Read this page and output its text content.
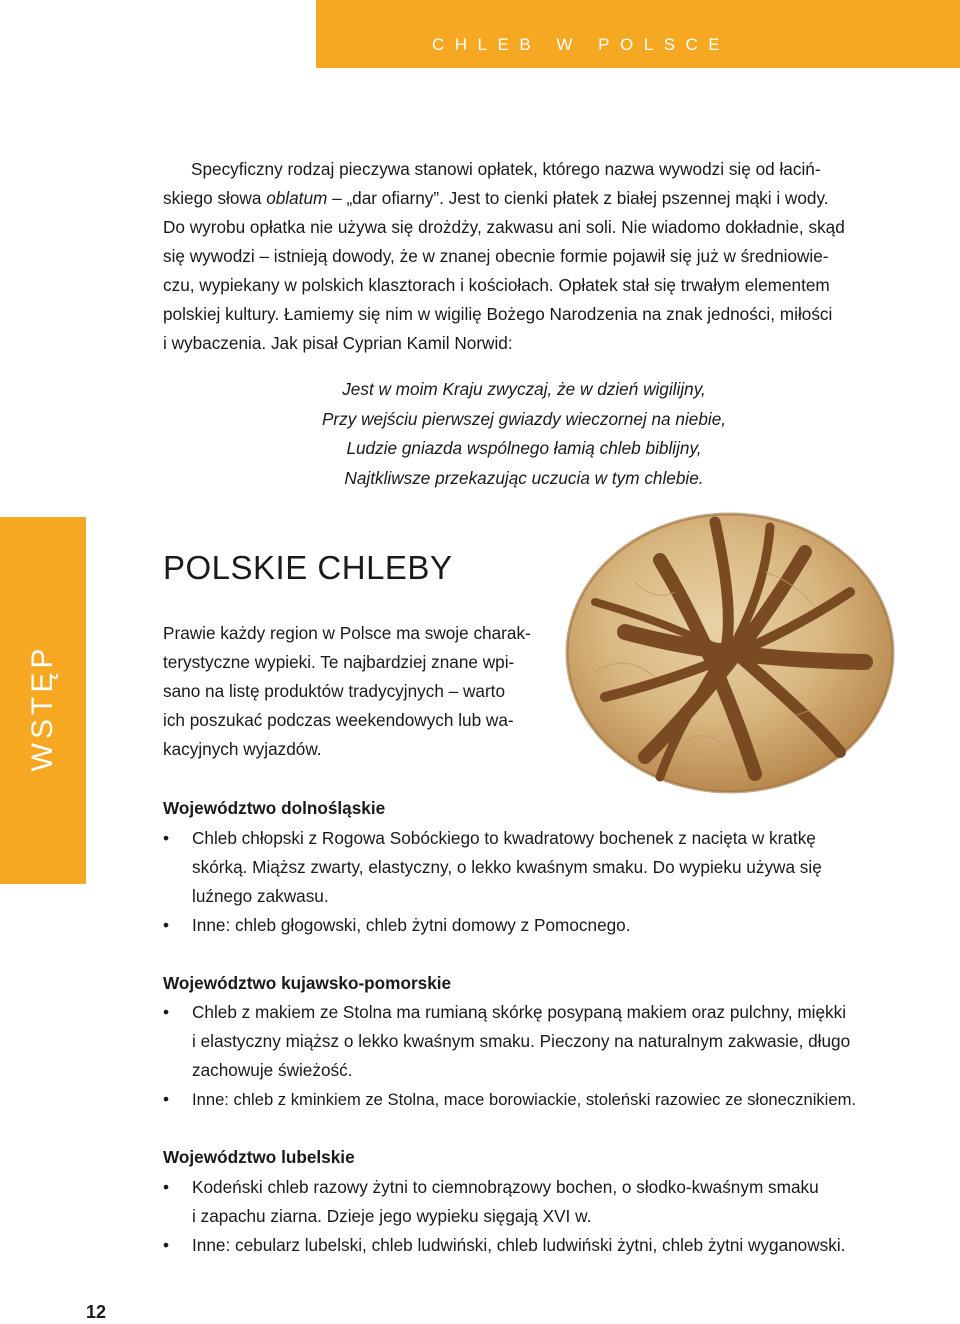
CHLEB W POLSCE
WSTĘP
Specyficzny rodzaj pieczywa stanowi opłatek, którego nazwa wywodzi się od łaciń-
skiego słowa oblatum – „dar ofiarny”. Jest to cienki płatek z białej pszennej mąki i wody.
Do wyrobu opłatka nie używa się drożdży, zakwasu ani soli. Nie wiadomo dokładnie, skąd
się wywodzi – istnieją dowody, że w znanej obecnie formie pojawił się już w średniowie-
czu, wypiekany w polskich klasztorach i kościołach. Opłatek stał się trwałym elementem
polskiej kultury. Łamiemy się nim w wigilię Bożego Narodzenia na znak jedności, miłości
i wybaczenia. Jak pisał Cyprian Kamil Norwid:
Jest w moim Kraju zwyczaj, że w dzień wigilijny,
Przy wejściu pierwszej gwiazdy wieczornej na niebie,
Ludzie gniazda wspólnego łamią chleb biblijny,
Najtkliwsze przekazując uczucia w tym chlebie.
POLSKIE CHLEBY
Prawie każdy region w Polsce ma swoje charak-
terystyczne wypieki. Te najbardziej znane wpi-
sano na listę produktów tradycyjnych – warto
ich poszukać podczas weekendowych lub wa-
kacyjnych wyjazdów.
Województwo dolnośląskie
• Chleb chłopski z Rogowa Sobóckiego to kwadratowy bochenek z nacięta w kratkę
skórką. Miąższ zwarty, elastyczny, o lekko kwaśnym smaku. Do wypieku używa się
luźnego zakwasu.
• Inne: chleb głogowski, chleb żytni domowy z Pomocnego.
Województwo kujawsko-pomorskie
• Chleb z makiem ze Stolna ma rumianą skórkę posypaną makiem oraz pulchny, miękki
i elastyczny miąższ o lekko kwaśnym smaku. Pieczony na naturalnym zakwasie, długo
zachowuje świeżość.
• Inne: chleb z kminkiem ze Stolna, mace borowiackie, stoleński razowiec ze słonecznikiem.
Województwo lubelskie
• Kodeński chleb razowy żytni to ciemnobrązowy bochen, o słodko-kwaśnym smaku
i zapachu ziarna. Dzieje jego wypieku sięgają XVI w.
• Inne: cebularz lubelski, chleb ludwiński, chleb ludwiński żytni, chleb żytni wyganowski.
12
